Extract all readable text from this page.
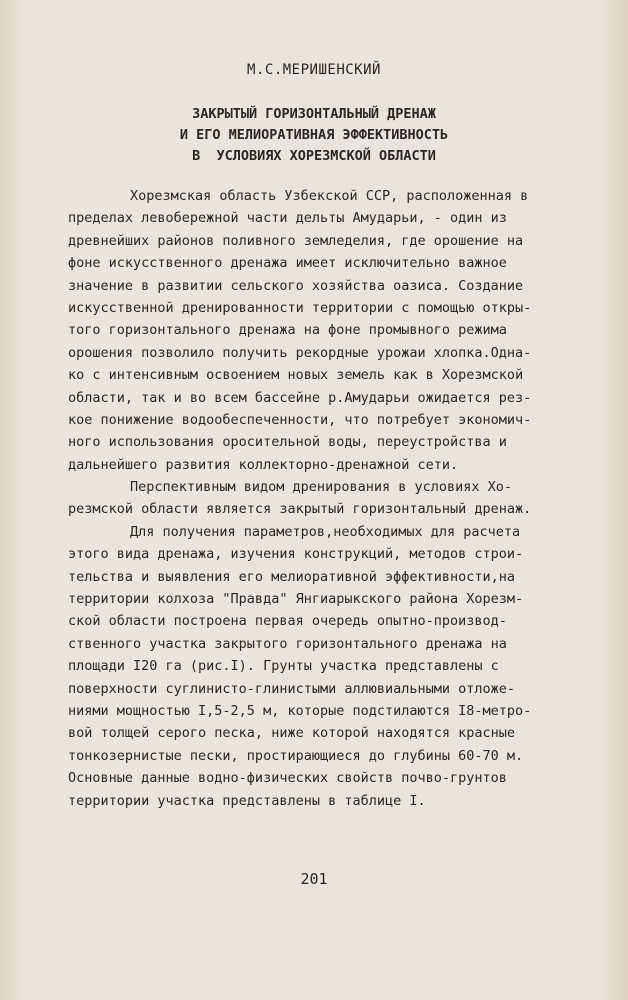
М.С.МЕРИШЕНСКИЙ
ЗАКРЫТЫЙ ГОРИЗОНТАЛЬНЫЙ ДРЕНАЖ
И ЕГО МЕЛИОРАТИВНАЯ ЭФФЕКТИВНОСТЬ
В  УСЛОВИЯХ ХОРЕЗМСКОЙ ОБЛАСТИ
Хорезмская область Узбекской ССР, расположенная в
пределах левобережной части дельты Амударьи, - один из
древнейших районов поливного земледелия, где орошение на
фоне искусственного дренажа имеет исключительно важное
значение в развитии сельского хозяйства оазиса. Создание
искусственной дренированности территории с помощью откры-
того горизонтального дренажа на фоне промывного режима
орошения позволило получить рекордные урожаи хлопка.Одна-
ко с интенсивным освоением новых земель как в Хорезмской
области, так и во всем бассейне р.Амударьи ожидается рез-
кое понижение водообеспеченности, что потребует экономич-
ного использования оросительной воды, переустройства и
дальнейшего развития коллекторно-дренажной сети.
Перспективным видом дренирования в условиях Хо-
резмской области является закрытый горизонтальный дренаж.
Для получения параметров,необходимых для расчета
этого вида дренажа, изучения конструкций, методов строи-
тельства и выявления его мелиоративной эффективности,на
территории колхоза "Правда" Янгиарыкского района Хорезм-
ской области построена первая очередь опытно-производ-
ственного участка закрытого горизонтального дренажа на
площади I20 га (рис.I). Грунты участка представлены с
поверхности суглинисто-глинистыми аллювиальными отложе-
ниями мощностью I,5-2,5 м, которые подстилаются I8-метро-
вой толщей серого песка, ниже которой находятся красные
тонкозернистые пески, простирающиеся до глубины 60-70 м.
Основные данные водно-физических свойств почво-грунтов
территории участка представлены в таблице I.
201
